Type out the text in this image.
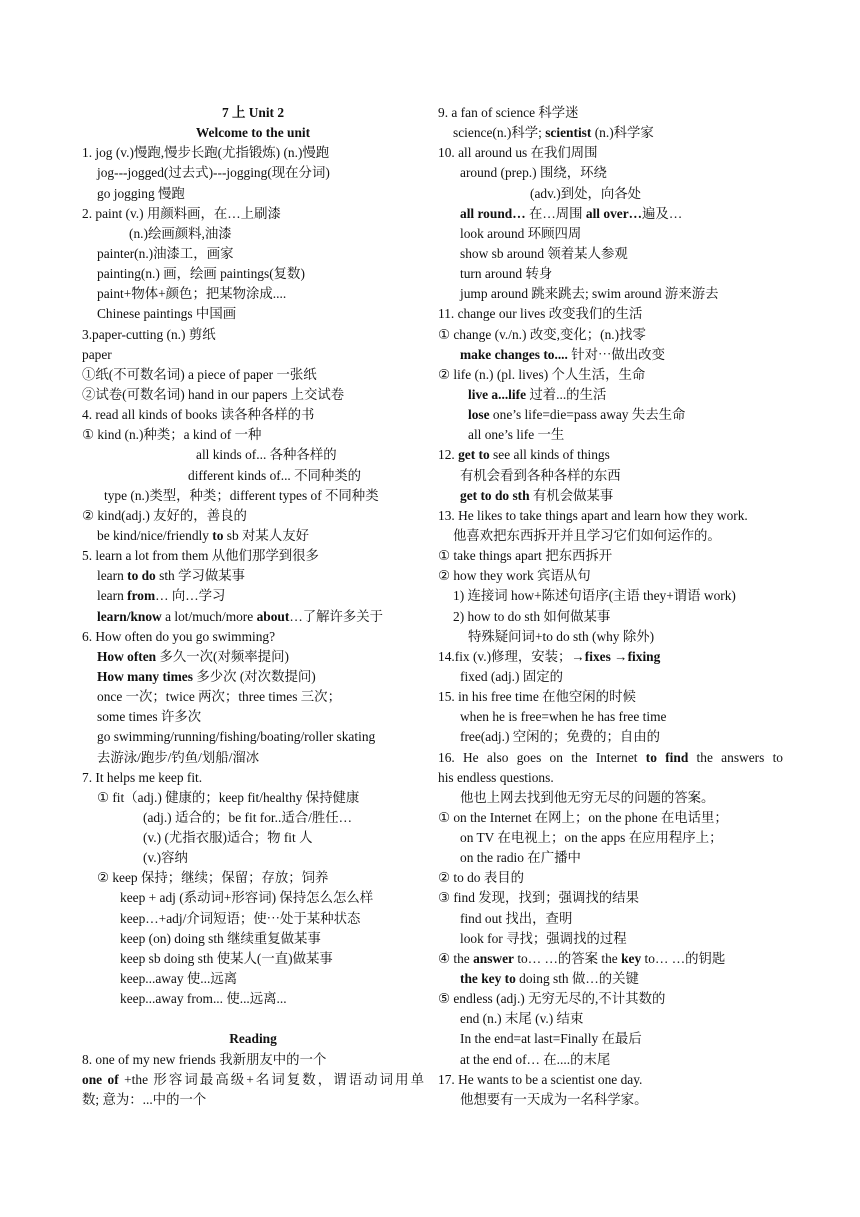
7 上 Unit 2
Welcome to the unit
1. jog (v.)慢跑,慢步长跑(尤指锻炼) (n.)慢跑
jog---jogged(过去式)---jogging(现在分词)
go jogging 慢跑
2. paint (v.) 用颜料画，在…上刷漆
(n.)绘画颜料,油漆
painter(n.)油漆工，画家
painting(n.) 画，绘画 paintings(复数)
paint+物体+颜色；把某物涂成....
Chinese paintings 中国画
3.paper-cutting (n.) 剪纸
paper
①纸(不可数名词) a piece of paper 一张纸
②试卷(可数名词) hand in our papers 上交试卷
4. read all kinds of books 读各种各样的书
① kind (n.)种类；a kind of 一种
all kinds of... 各种各样的
different kinds of... 不同种类的
type (n.)类型，种类；different types of 不同种类
② kind(adj.) 友好的，善良的
be kind/nice/friendly to sb 对某人友好
5. learn a lot from them 从他们那学到很多
learn to do sth 学习做某事
learn from… 向…学习
learn/know a lot/much/more about…了解许多关于
6. How often do you go swimming?
How often 多久一次(对频率提问)
How many times 多少次 (对次数提问)
once 一次；twice 两次；three times 三次；
some times 许多次
go swimming/running/fishing/boating/roller skating
去游泳/跑步/钓鱼/划船/溜冰
7. It helps me keep fit.
① fit（adj.) 健康的；keep fit/healthy 保持健康
(adj.) 适合的；be fit for..适合/胜任…
(v.) (尤指衣服)适合；物 fit 人
(v.)容纳
② keep 保持；继续；保留；存放；饲养
keep + adj (系动词+形容词) 保持怎么怎么样
keep…+adj/介词短语；使⋯处于某种状态
keep (on) doing sth 继续重复做某事
keep sb doing sth 使某人(一直)做某事
keep...away 使...远离
keep...away from... 使...远离...
Reading
8. one of my new friends 我新朋友中的一个
one of +the 形容词最高级+名词复数，谓语动词用单
数; 意为：...中的一个
9. a fan of science 科学迷
science(n.)科学; scientist (n.)科学家
10. all around us 在我们周围
around (prep.) 围绕，环绕
(adv.)到处，向各处
all round… 在…周围 all over…遍及…
look around 环顾四周
show sb around 领着某人参观
turn around 转身
jump around 跳来跳去; swim around 游来游去
11. change our lives 改变我们的生活
① change (v./n.) 改变,变化；(n.)找零
make changes to.... 针对⋯做出改变
② life (n.) (pl. lives) 个人生活，生命
live a...life 过着...的生活
lose one’s life=die=pass away 失去生命
all one’s life 一生
12. get to see all kinds of things
有机会看到各种各样的东西
get to do sth 有机会做某事
13. He likes to take things apart and learn how they work.
他喜欢把东西拆开并且学习它们如何运作的。
① take things apart 把东西拆开
② how they work 宾语从句
1) 连接词 how+陈述句语序(主语 they+谓语 work)
2) how to do sth 如何做某事
特殊疑问词+to do sth (why 除外)
14.fix (v.)修理，安装；→fixes →fixing
fixed (adj.) 固定的
15. in his free time 在他空闲的时候
when he is free=when he has free time
free(adj.) 空闲的；免费的；自由的
16. He also goes on the Internet to find the answers to
his endless questions.
他也上网去找到他无穷无尽的问题的答案。
① on the Internet 在网上；on the phone 在电话里；
on TV 在电视上；on the apps 在应用程序上；
on the radio 在广播中
② to do 表目的
③ find 发现，找到；强调找的结果
find out 找出，查明
look for 寻找；强调找的过程
④ the answer to… …的答案 the key to… …的钥匙
the key to doing sth 做…的关键
⑤ endless (adj.) 无穷无尽的,不计其数的
end (n.) 末尾 (v.) 结束
In the end=at last=Finally 在最后
at the end of… 在....的末尾
17. He wants to be a scientist one day.
他想要有一天成为一名科学家。
